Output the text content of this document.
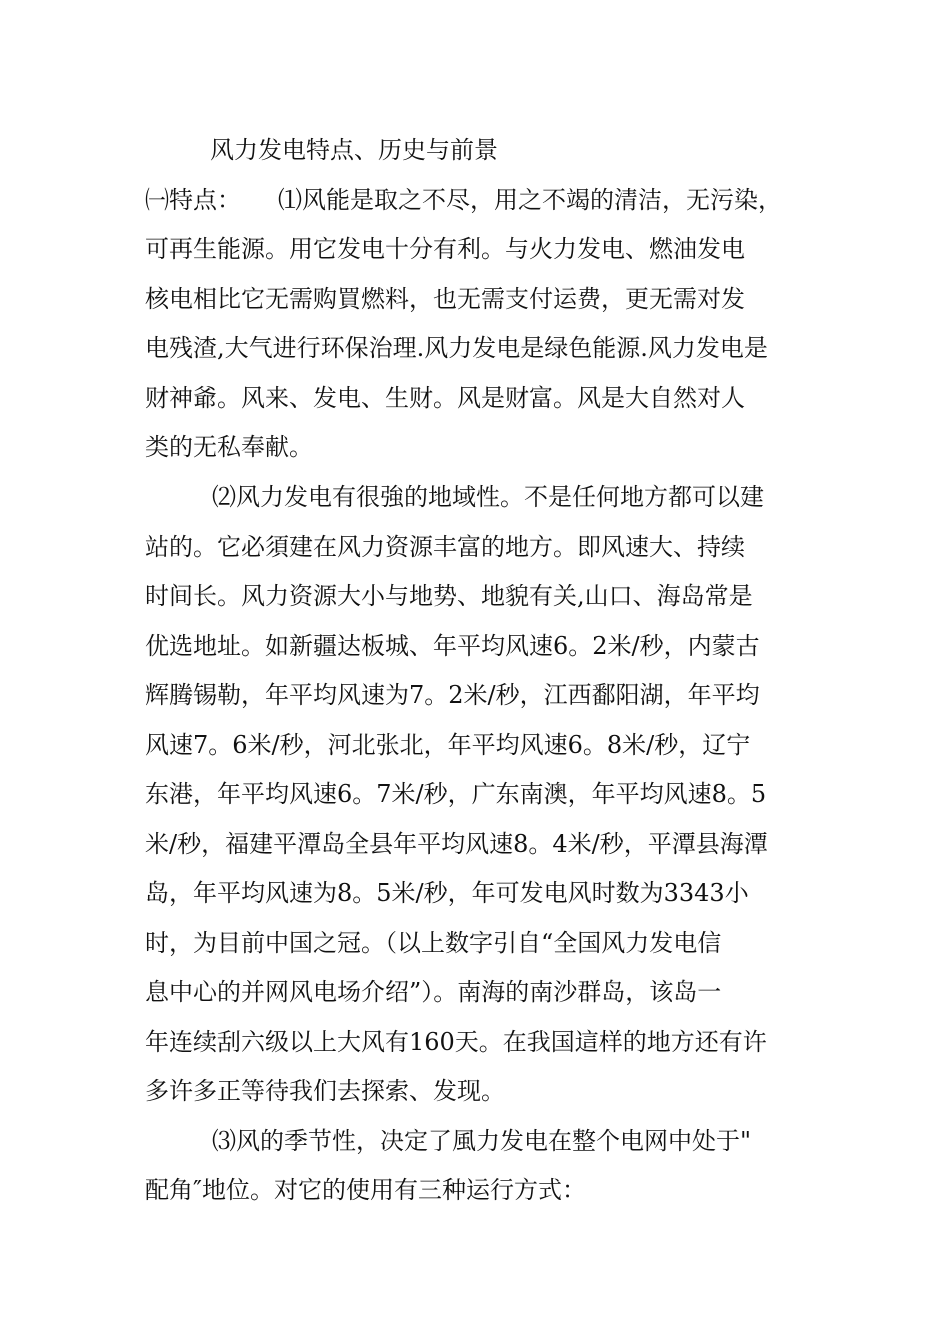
风力发电特点、历史与前景
㈠特点： ⑴风能是取之不尽，用之不竭的清洁，无污染，
可再生能源。用它发电十分有利。与火力发电、燃油发电
核电相比它无需购買燃料，也无需支付运费，更无需对发
电残渣,大气进行环保治理.风力发电是绿色能源.风力发电是
财神爺。风来、发电、生财。风是财富。风是大自然对人
类的无私奉献。
⑵风力发电有很強的地域性。不是任何地方都可以建
站的。它必須建在风力资源丰富的地方。即风速大、持续
时间长。风力资源大小与地势、地貌有关,山口、海岛常是
优选地址。如新疆达板城、年平均风速6。2米/秒，内蒙古
辉腾锡勒，年平均风速为7。2米/秒，江西鄱阳湖，年平均
风速7。6米/秒，河北张北，年平均风速6。8米/秒，辽宁
东港，年平均风速6。7米/秒，广东南澳，年平均风速8。5
米/秒，福建平潭岛全县年平均风速8。4米/秒，平潭县海潭
岛，年平均风速为8。5米/秒，年可发电风时数为3343小
时，为目前中国之冠。（以上数字引自“全国风力发电信
息中心的并网风电场介绍”）。南海的南沙群岛，该岛一
年连续刮六级以上大风有160天。在我国這样的地方还有许
多许多正等待我们去探索、发现。
⑶风的季节性，决定了風力发电在整个电网中处于"
配角″地位。对它的使用有三种运行方式：
